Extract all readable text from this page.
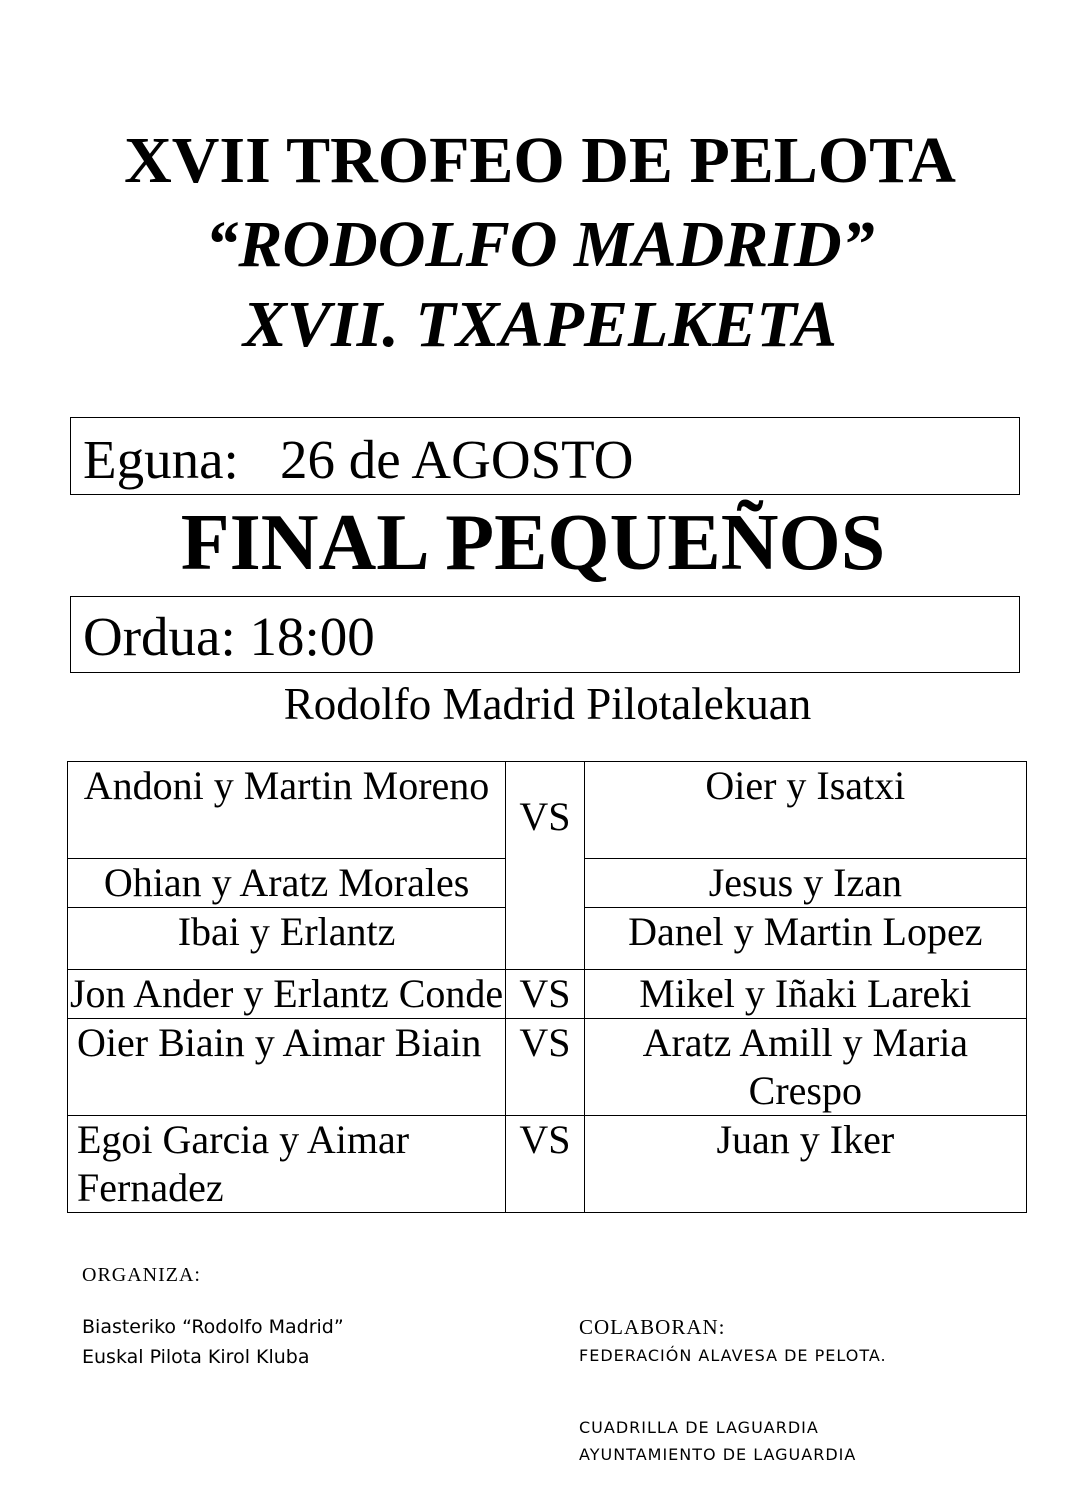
XVII TROFEO DE PELOTA
“RODOLFO MADRID”
XVII. TXAPELKETA
Eguna:   26 de AGOSTO
FINAL PEQUEÑOS
Ordua: 18:00
Rodolfo Madrid Pilotalekuan
Andoni y Martin Moreno	VS	Oier y Isatxi
Ohian y Aratz Morales		Jesus y Izan
Ibai y Erlantz		Danel y Martin Lopez
Jon Ander y Erlantz Conde	VS	Mikel y Iñaki Lareki
Oier Biain y Aimar Biain	VS	Aratz Amill y Maria Crespo
Egoi Garcia y Aimar Fernadez	VS	Juan y Iker
ORGANIZA:
Biasteriko “Rodolfo Madrid”
Euskal Pilota Kirol Kluba
COLABORAN:
FEDERACIÓN ALAVESA DE PELOTA.
CUADRILLA DE LAGUARDIA
AYUNTAMIENTO DE LAGUARDIA
